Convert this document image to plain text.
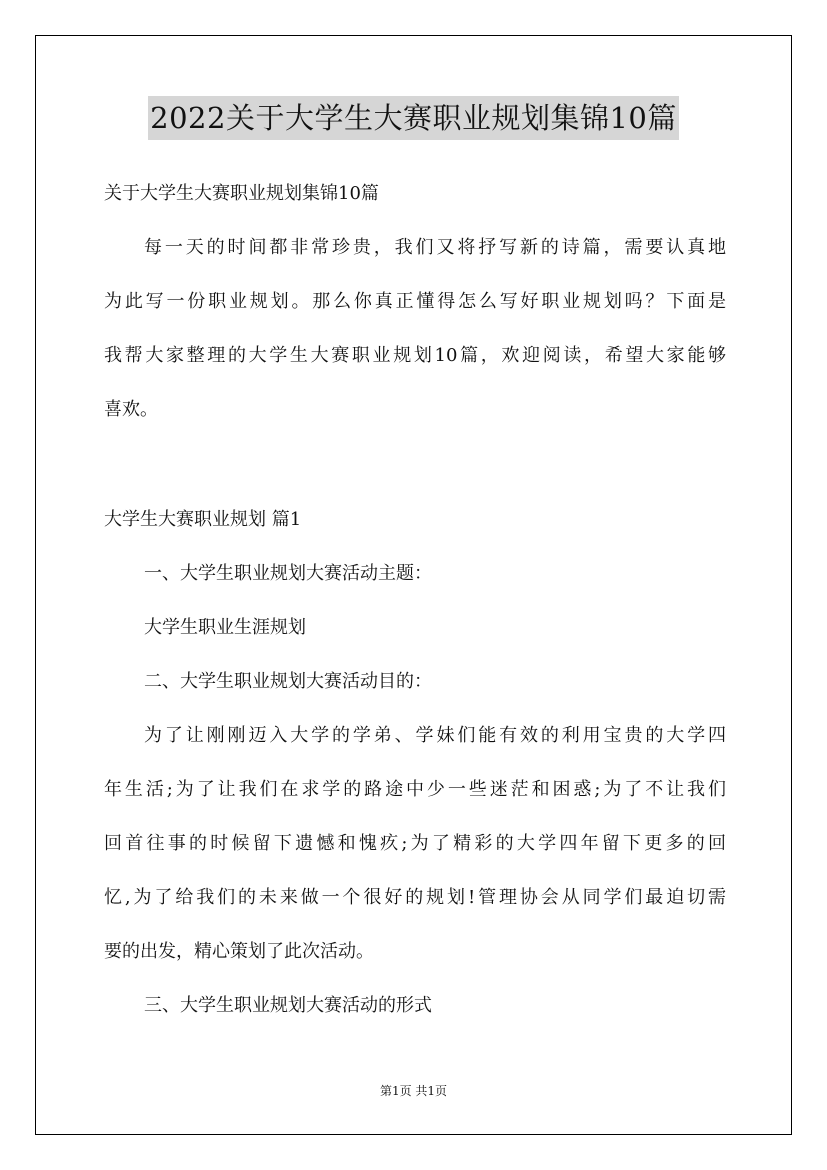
2022关于大学生大赛职业规划集锦10篇
关于大学生大赛职业规划集锦10篇
每一天的时间都非常珍贵，我们又将抒写新的诗篇，需要认真地
为此写一份职业规划。那么你真正懂得怎么写好职业规划吗？下面是
我帮大家整理的大学生大赛职业规划10篇，欢迎阅读，希望大家能够
喜欢。
大学生大赛职业规划 篇1
一、大学生职业规划大赛活动主题：
大学生职业生涯规划
二、大学生职业规划大赛活动目的：
为了让刚刚迈入大学的学弟、学妹们能有效的利用宝贵的大学四
年生活;为了让我们在求学的路途中少一些迷茫和困惑;为了不让我们
回首往事的时候留下遗憾和愧疚;为了精彩的大学四年留下更多的回
忆,为了给我们的未来做一个很好的规划!管理协会从同学们最迫切需
要的出发，精心策划了此次活动。
三、大学生职业规划大赛活动的形式
第1页 共1页
